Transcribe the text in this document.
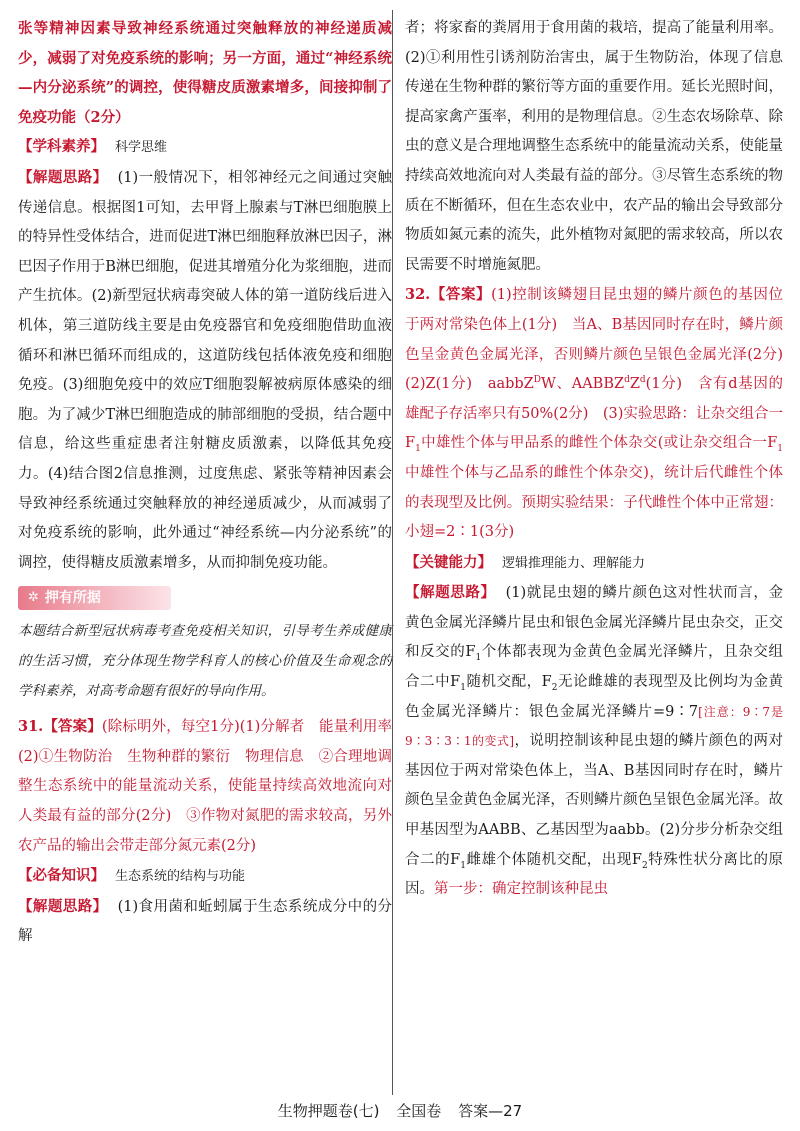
张等精神因素导致神经系统通过突触释放的神经递质减少，减弱了对免疫系统的影响；另一方面，通过“神经系统—内分泌系统”的调控，使得糖皮质激素增多，间接抑制了免疫功能（2分）

【学科素养】 科学思维

【解题思路】 (1)一般情况下，相邻神经元之间通过突触传递信息。根据图1可知，去甲肾上腺素与T淋巴细胞膜上的特异性受体结合，进而促进T淋巴细胞释放淋巴因子，淋巴因子作用于B淋巴细胞，促进其增殖分化为浆细胞，进而产生抗体。(2)新型冠状病毒突破人体的第一道防线后进入机体，第三道防线主要是由免疫器官和免疫细胞借助血液循环和淋巴循环而组成的，这道防线包括体液免疫和细胞免疫。(3)细胞免疫中的效应T细胞裂解被病原体感染的细胞。为了减少T淋巴细胞造成的肺部细胞的受损，结合题中信息，给这些重症患者注射糖皮质激素，以降低其免疫力。(4)结合图2信息推测，过度焦虑、紧张等精神因素会导致神经系统通过突触释放的神经递质减少，从而减弱了对免疫系统的影响，此外通过“神经系统—内分泌系统”的调控，使得糖皮质激素增多，从而抑制免疫功能。

✲ 押有所据

本题结合新型冠状病毒考查免疫相关知识，引导考生养成健康的生活习惯，充分体现生物学科育人的核心价值及生命观念的学科素养，对高考命题有很好的导向作用。

31.【答案】(除标明外，每空1分)(1)分解者　能量利用率　(2)①生物防治　生物种群的繁衍　物理信息　②合理地调整生态系统中的能量流动关系，使能量持续高效地流向对人类最有益的部分(2分)　③作物对氮肥的需求较高，另外农产品的输出会带走部分氮元素(2分)

【必备知识】 生态系统的结构与功能

【解题思路】 (1)食用菌和蚯蚓属于生态系统成分中的分解

者；将家畜的粪屑用于食用菌的栽培，提高了能量利用率。(2)①利用性引诱剂防治害虫，属于生物防治，体现了信息传递在生物种群的繁衍等方面的重要作用。延长光照时间，提高家禽产蛋率，利用的是物理信息。②生态农场除草、除虫的意义是合理地调整生态系统中的能量流动关系，使能量持续高效地流向对人类最有益的部分。③尽管生态系统的物质在不断循环，但在生态农业中，农产品的输出会导致部分物质如氮元素的流失，此外植物对氮肥的需求较高，所以农民需要不时增施氮肥。

32.【答案】(1)控制该鳞翅目昆虫翅的鳞片颜色的基因位于两对常染色体上(1分)　当A、B基因同时存在时，鳞片颜色呈金黄色金属光泽，否则鳞片颜色呈银色金属光泽(2分)　(2)Z(1分)　aabbZ$^D$W、$AABBZ^dZ^d(1$分)　含有d基因的雄配子存活率只有50%(2分)　(3)实验思路：让杂交组合一$F_1$中雄性个体与甲品系的雌性个体杂交(或让杂交组合一$F_1$中雄性个体与乙品系的雌性个体杂交)，统计后代雌性个体的表现型及比例。预期实验结果：子代雌性个体中正常翅：小翅=2∶1(3分)

【关键能力】 逻辑推理能力、理解能力

【解题思路】 (1)就昆虫翅的鳞片颜色这对性状而言，金黄色金属光泽鳞片昆虫和银色金属光泽鳞片昆虫杂交，正交和反交的$F_1$个体都表现为金黄色金属光泽鳞片，且杂交组合二中$F_1$随机交配，$F_2$无论雌雄的表现型及比例均为金黄色金属光泽鳞片：银色金属光泽鳞片=9∶7[注意：9∶7是9∶3∶3∶1的变式]，说明控制该种昆虫翅的鳞片颜色的两对基因位于两对常染色体上，当A、B基因同时存在时，鳞片颜色呈金黄色金属光泽，否则鳞片颜色呈银色金属光泽。故甲基因型为AABB、乙基因型为aabb。(2)分步分析杂交组合二的$F_1$雌雄个体随机交配，出现$F_2$特殊性状分离比的原因。第一步：确定控制该种昆虫

生物押题卷(七) 全国卷 答案—27
